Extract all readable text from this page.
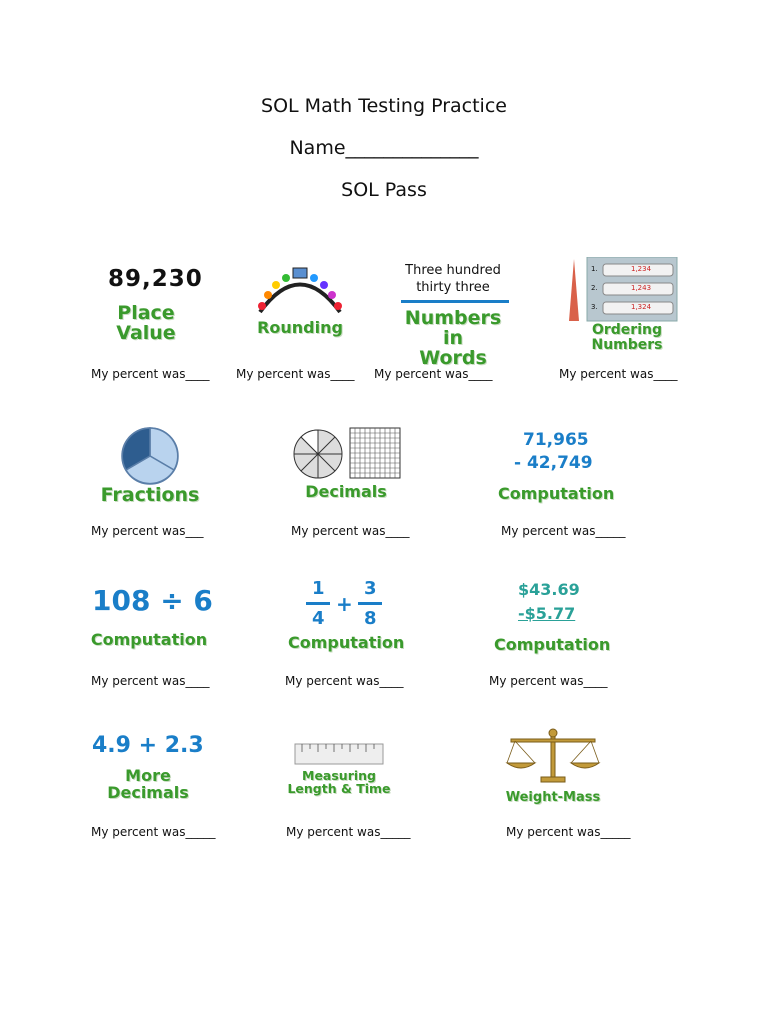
SOL Math Testing Practice
Name______________
SOL Pass
89,230
Place
Value
My percent was____
Rounding
My percent was____
Three hundred
thirty three
Numbers in
Words
My percent was____
1.
2.
3.
1,234
1,243
1,324
Ordering
Numbers
My percent was____
Fractions
My percent was___
Decimals
My percent was____
71,965
- 42,749
Computation
My percent was_____
108 ÷ 6
Computation
My percent was____
1
4
+
3
8
Computation
My percent was____
$43.69
-$5.77
Computation
My percent was____
4.9 + 2.3
More
Decimals
My percent was_____
Measuring
Length & Time
My percent was_____
Weight-Mass
My percent was_____
